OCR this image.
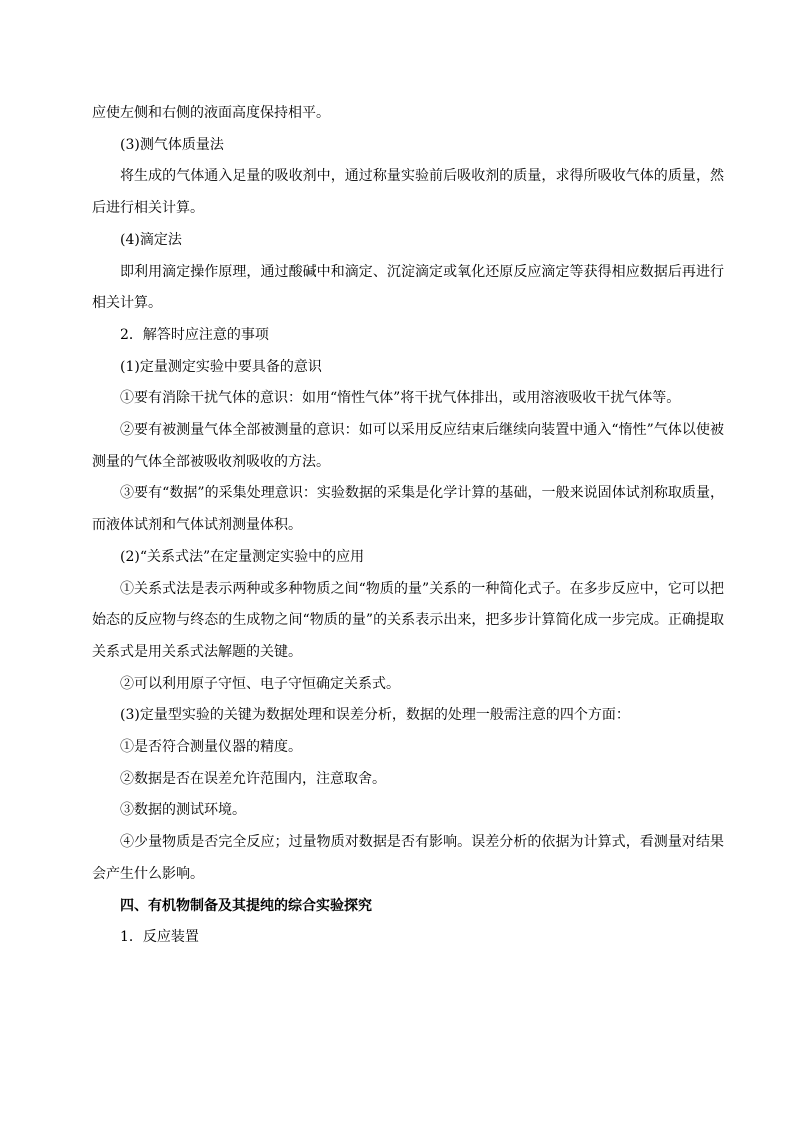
应使左侧和右侧的液面高度保持相平。

(3)测气体质量法

将生成的气体通入足量的吸收剂中，通过称量实验前后吸收剂的质量，求得所吸收气体的质量，然后进行相关计算。

(4)滴定法

即利用滴定操作原理，通过酸碱中和滴定、沉淀滴定或氧化还原反应滴定等获得相应数据后再进行相关计算。

2．解答时应注意的事项

(1)定量测定实验中要具备的意识

①要有消除干扰气体的意识：如用“惰性气体”将干扰气体排出，或用溶液吸收干扰气体等。

②要有被测量气体全部被测量的意识：如可以采用反应结束后继续向装置中通入“惰性”气体以使被测量的气体全部被吸收剂吸收的方法。

③要有“数据”的采集处理意识：实验数据的采集是化学计算的基础，一般来说固体试剂称取质量，而液体试剂和气体试剂测量体积。

(2)“关系式法”在定量测定实验中的应用

①关系式法是表示两种或多种物质之间“物质的量”关系的一种简化式子。在多步反应中，它可以把始态的反应物与终态的生成物之间“物质的量”的关系表示出来，把多步计算简化成一步完成。正确提取关系式是用关系式法解题的关键。

②可以利用原子守恒、电子守恒确定关系式。

(3)定量型实验的关键为数据处理和误差分析，数据的处理一般需注意的四个方面：

①是否符合测量仪器的精度。

②数据是否在误差允许范围内，注意取舍。

③数据的测试环境。

④少量物质是否完全反应；过量物质对数据是否有影响。误差分析的依据为计算式，看测量对结果会产生什么影响。

四、有机物制备及其提纯的综合实验探究

1．反应装置
